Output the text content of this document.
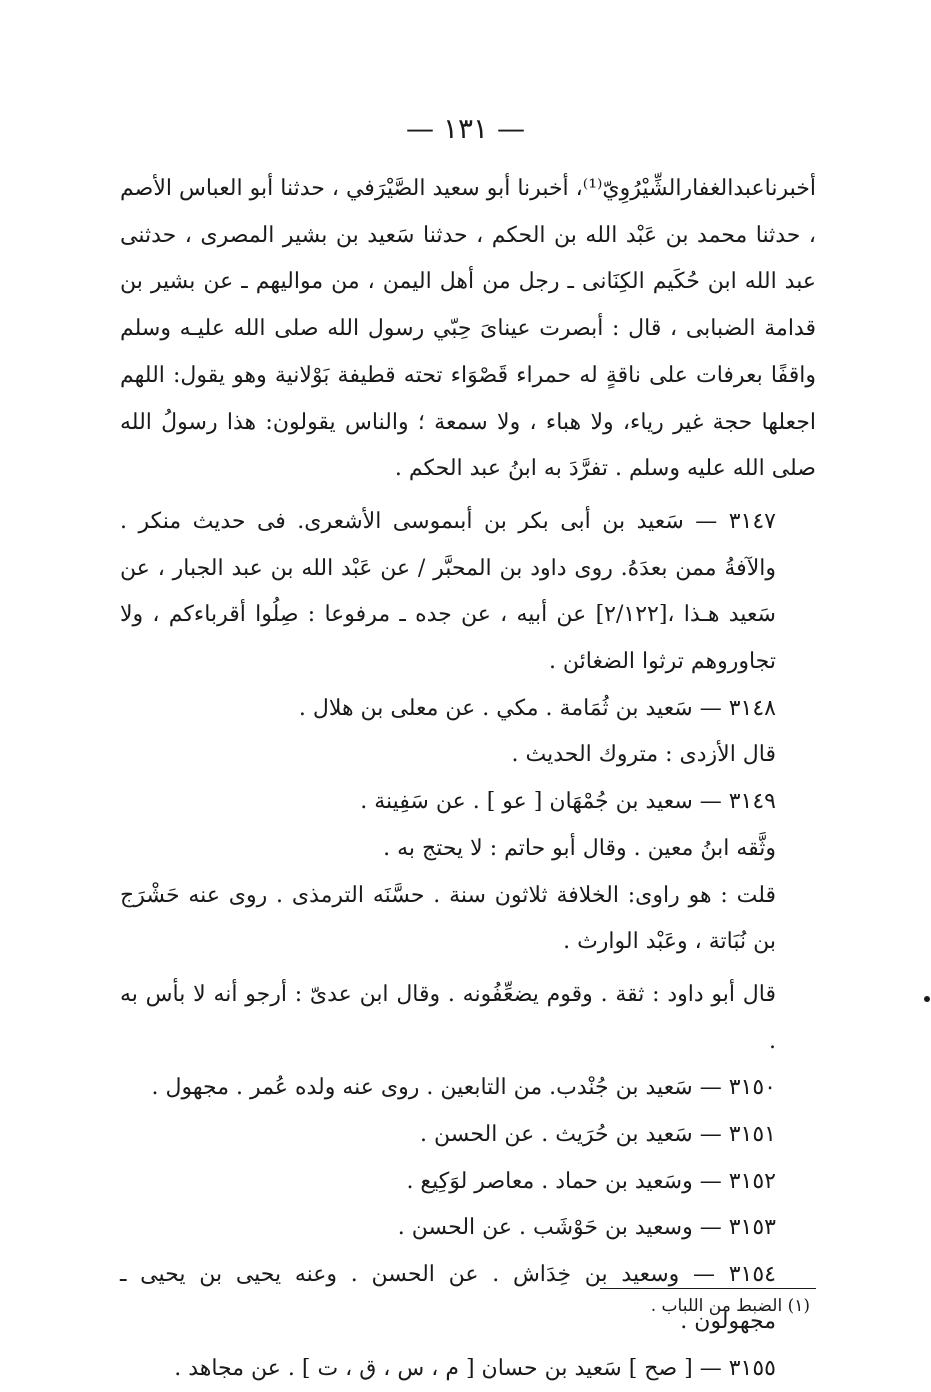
— ١٣١ —

أخبرناعبدالغفارالشِّيْرُوِيّ⁽¹⁾، أخبرنا أبو سعيد الصَّيْرَفي ، حدثنا أبو العباس الأصم ، حدثنا محمد بن عَبْد الله بن الحكم ، حدثنا سَعيد بن بشير المصرى ، حدثنى عبد الله ابن حُكَيم الكِنَانى ـ رجل من أهل اليمن ، من مواليهم ـ عن بشير بن قدامة الضبابى ، قال : أبصرت عيناىَ حِبّي رسول الله صلى الله عليـه وسلم واقفًا بعرفات على ناقةٍ له حمراء قَصْوَاء تحته قطيفة بَوْلانية وهو يقول: اللهم اجعلها حجة غير رياء، ولا هباء ، ولا سمعة ؛ والناس يقولون: هذا رسولُ الله صلى الله عليه وسلم . تفرَّدَ به ابنُ عبد الحكم .

٣١٤٧ — سَعيد بن أبى بكر بن أبىموسى الأشعرى. فى حديث منكر . والآفةُ ممن بعدَهُ. روى داود بن المحبَّر / عن عَبْد الله بن عبد الجبار ، عن سَعيد هـذا ،[٢/١٢٢] عن أبيه ، عن جده ـ مرفوعا : صِلُوا أقرباءكم ، ولا تجاوروهم ترثوا الضغائن .

٣١٤٨ — سَعيد بن ثُمَامة . مكي . عن معلى بن هلال .

قال الأزدى : متروك الحديث .

٣١٤٩ — سعيد بن جُمْهَان [ عو ] . عن سَفِينة .

وثَّقه ابنُ معين . وقال أبو حاتم : لا يحتج به .

قلت : هو راوى: الخلافة ثلاثون سنة . حسَّنَه الترمذى . روى عنه حَشْرَج بن نُبَاتة ، وعَبْد الوارث .

قال أبو داود : ثقة . وقوم يضعِّفُونه . وقال ابن عدىّ : أرجو أنه لا بأس به .

٣١٥٠ — سَعيد بن جُنْدب. من التابعين . روى عنه ولده عُمر . مجهول .

٣١٥١ — سَعيد بن حُرَيث . عن الحسن .

٣١٥٢ — وسَعيد بن حماد . معاصر لوَكِيع .

٣١٥٣ — وسعيد بن حَوْشَب . عن الحسن .

٣١٥٤ — وسعيد بن خِدَاش . عن الحسن . وعنه يحيى بن يحيى ـ مجهولون .

٣١٥٥ — [ صح ] سَعيد بن حسان [ م ، س ، ق ، ت ] . عن مجاهد .

(١) الضبط من اللباب .
